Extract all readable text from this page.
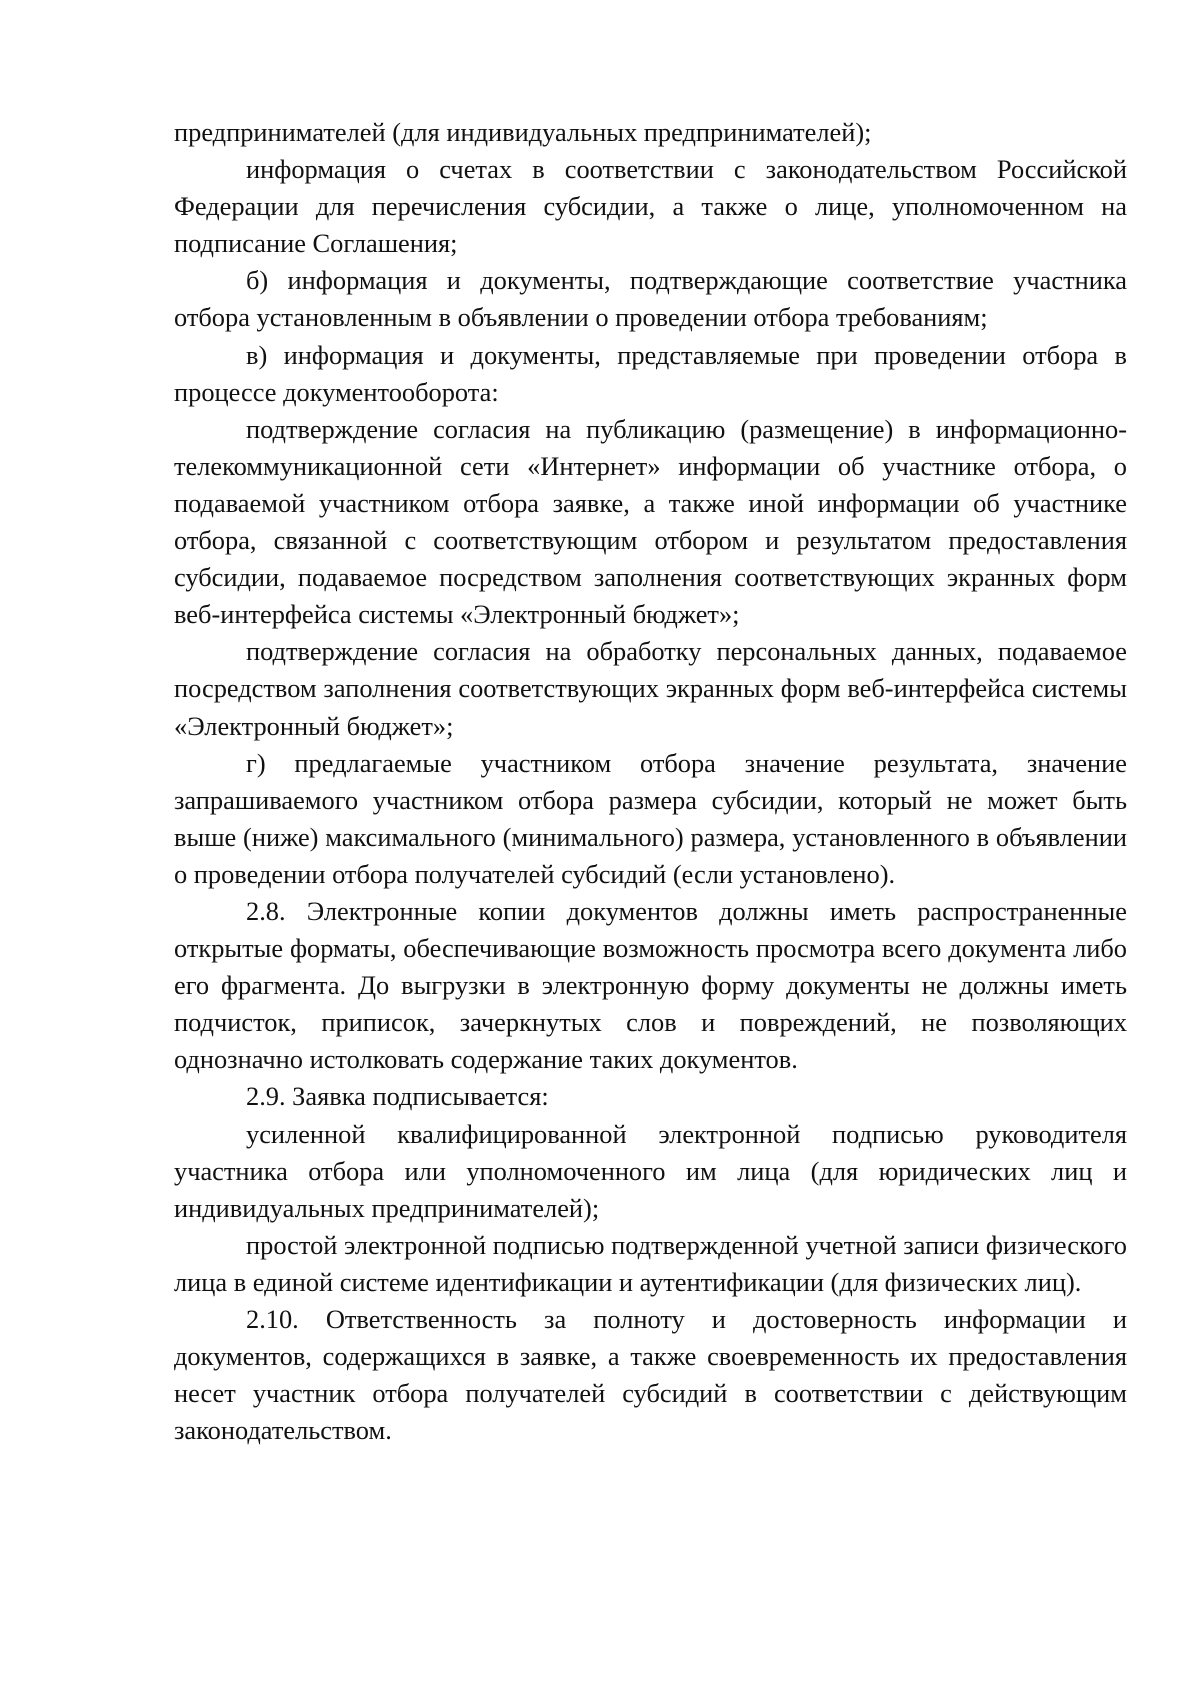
предпринимателей (для индивидуальных предпринимателей);

информация о счетах в соответствии с законодательством Российской Федерации для перечисления субсидии, а также о лице, уполномоченном на подписание Соглашения;

б) информация и документы, подтверждающие соответствие участника отбора установленным в объявлении о проведении отбора требованиям;

в) информация и документы, представляемые при проведении отбора в процессе документооборота:

подтверждение согласия на публикацию (размещение) в информационно-телекоммуникационной сети «Интернет» информации об участнике отбора, о подаваемой участником отбора заявке, а также иной информации об участнике отбора, связанной с соответствующим отбором и результатом предоставления субсидии, подаваемое посредством заполнения соответствующих экранных форм веб-интерфейса системы «Электронный бюджет»;

подтверждение согласия на обработку персональных данных, подаваемое посредством заполнения соответствующих экранных форм веб-интерфейса системы «Электронный бюджет»;

г) предлагаемые участником отбора значение результата, значение запрашиваемого участником отбора размера субсидии, который не может быть выше (ниже) максимального (минимального) размера, установленного в объявлении о проведении отбора получателей субсидий (если установлено).

2.8. Электронные копии документов должны иметь распространенные открытые форматы, обеспечивающие возможность просмотра всего документа либо его фрагмента. До выгрузки в электронную форму документы не должны иметь подчисток, приписок, зачеркнутых слов и повреждений, не позволяющих однозначно истолковать содержание таких документов.

2.9. Заявка подписывается:

усиленной квалифицированной электронной подписью руководителя участника отбора или уполномоченного им лица (для юридических лиц и индивидуальных предпринимателей);

простой электронной подписью подтвержденной учетной записи физического лица в единой системе идентификации и аутентификации (для физических лиц).

2.10. Ответственность за полноту и достоверность информации и документов, содержащихся в заявке, а также своевременность их предоставления несет участник отбора получателей субсидий в соответствии с действующим законодательством.
